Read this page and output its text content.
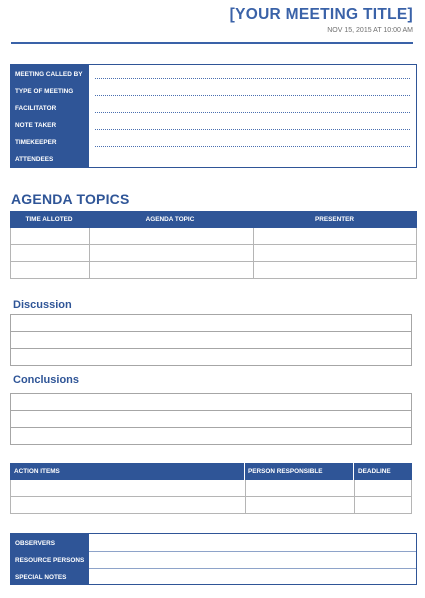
[YOUR MEETING TITLE]
NOV 15, 2015 AT 10:00 AM
MEETING CALLED BY
TYPE OF MEETING
FACILITATOR
NOTE TAKER
TIMEKEEPER
ATTENDEES
AGENDA TOPICS
TIME ALLOTED	AGENDA TOPIC	PRESENTER
Discussion
Conclusions
ACTION ITEMS	PERSON RESPONSIBLE	DEADLINE
OBSERVERS
RESOURCE PERSONS
SPECIAL NOTES
